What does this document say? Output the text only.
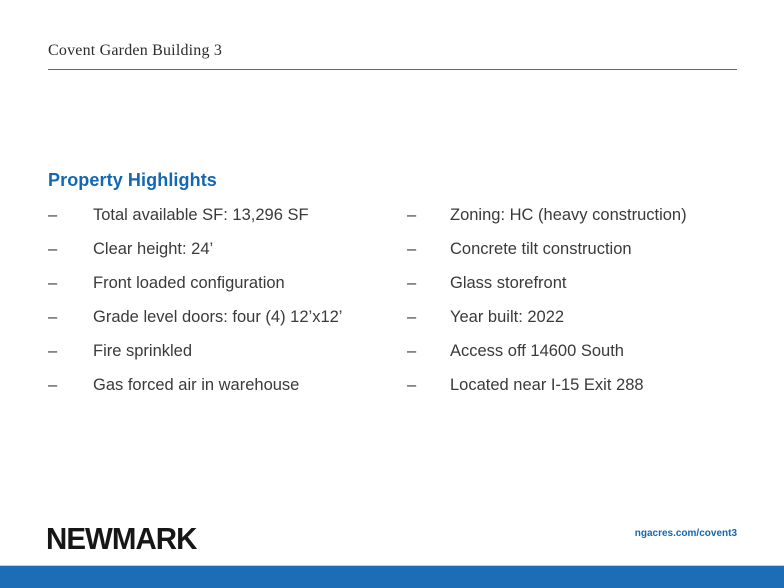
Covent Garden Building 3
Property Highlights
–	Total available SF: 13,296 SF
–	Clear height: 24’
–	Front loaded configuration
–	Grade level doors: four (4) 12’x12’
–	Fire sprinkled
–	Gas forced air in warehouse
–	Zoning: HC (heavy construction)
–	Concrete tilt construction
–	Glass storefront
–	Year built: 2022
–	Access off 14600 South
–	Located near I-15 Exit 288
NEWMARK	ngacres.com/covent3
